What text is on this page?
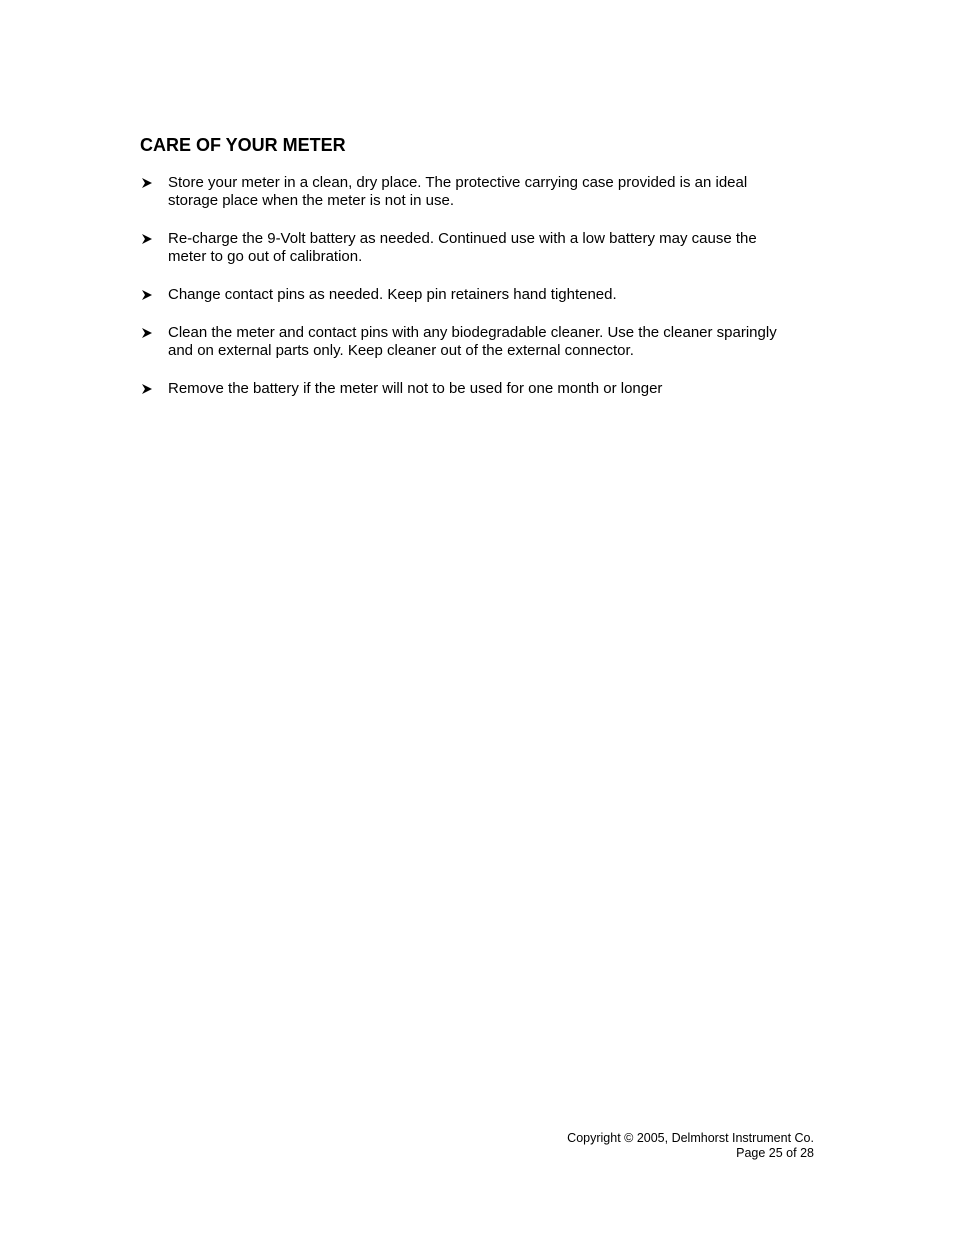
CARE OF YOUR METER
Store your meter in a clean, dry place. The protective carrying case provided is an ideal
storage place when the meter is not in use.
Re-charge the 9-Volt battery as needed. Continued use with a low battery may cause the
meter to go out of calibration.
Change contact pins as needed. Keep pin retainers hand tightened.
Clean the meter and contact pins with any biodegradable cleaner. Use the cleaner sparingly
and on external parts only. Keep cleaner out of the external connector.
Remove the battery if the meter will not to be used for one month or longer
Copyright © 2005, Delmhorst Instrument Co.
Page 25 of 28
